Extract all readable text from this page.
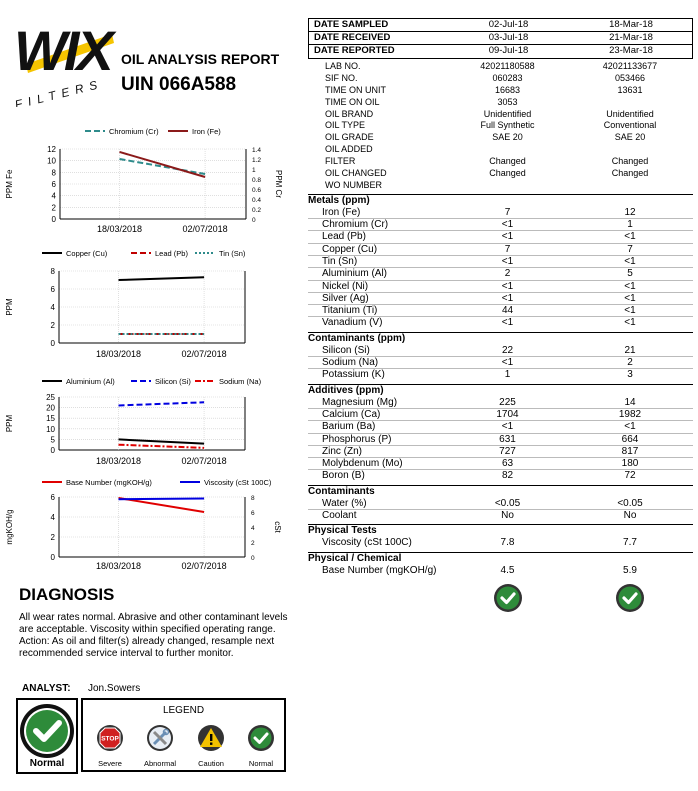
WIX
FILTERS
OIL ANALYSIS REPORT
UIN 066A588
Chromium (Cr)	Iron (Fe)
0
2
4
6
8
10
12
0
0.2
0.4
0.6
0.8
1
1.2
1.4
18/03/2018	02/07/2018
PPM Fe	PPM Cr
Copper (Cu)	Lead (Pb)	Tin (Sn)
0
2
4
6
8
18/03/2018	02/07/2018
PPM
Aluminium (Al)	Silicon (Si)	Sodium (Na)
0
5
10
15
20
25
18/03/2018	02/07/2018
PPM
Base Number (mgKOH/g)	Viscosity (cSt 100C)
0
2
4
6
0
2
4
6
8
18/03/2018	02/07/2018
mgKOH/g	cSt
DIAGNOSIS
All wear rates normal. Abrasive and other contaminant levels are acceptable. Viscosity within specified operating range. Action: As oil and filter(s) already changed, resample next recommended service interval to further monitor.
ANALYST: Jon.Sowers
Normal
LEGEND
STOP
Severe	Abnormal	Caution	Normal
DATE SAMPLED	02-Jul-18	18-Mar-18
DATE RECEIVED	03-Jul-18	21-Mar-18
DATE REPORTED	09-Jul-18	23-Mar-18
LAB NO.	42021180588	42021133677
SIF NO.	060283	053466
TIME ON UNIT	16683	13631
TIME ON OIL	3053
OIL BRAND	Unidentified	Unidentified
OIL TYPE	Full Synthetic	Conventional
OIL GRADE	SAE 20	SAE 20
OIL ADDED
FILTER	Changed	Changed
OIL CHANGED	Changed	Changed
WO NUMBER
Metals (ppm)
Iron (Fe)	7	12
Chromium (Cr)	<1	1
Lead (Pb)	<1	<1
Copper (Cu)	7	7
Tin (Sn)	<1	<1
Aluminium (Al)	2	5
Nickel (Ni)	<1	<1
Silver (Ag)	<1	<1
Titanium (Ti)	44	<1
Vanadium (V)	<1	<1
Contaminants (ppm)
Silicon (Si)	22	21
Sodium (Na)	<1	2
Potassium (K)	1	3
Additives (ppm)
Magnesium (Mg)	225	14
Calcium (Ca)	1704	1982
Barium (Ba)	<1	<1
Phosphorus (P)	631	664
Zinc (Zn)	727	817
Molybdenum (Mo)	63	180
Boron (B)	82	72
Contaminants
Water (%)	<0.05	<0.05
Coolant	No	No
Physical Tests
Viscosity (cSt 100C)	7.8	7.7
Physical / Chemical
Base Number (mgKOH/g)	4.5	5.9
